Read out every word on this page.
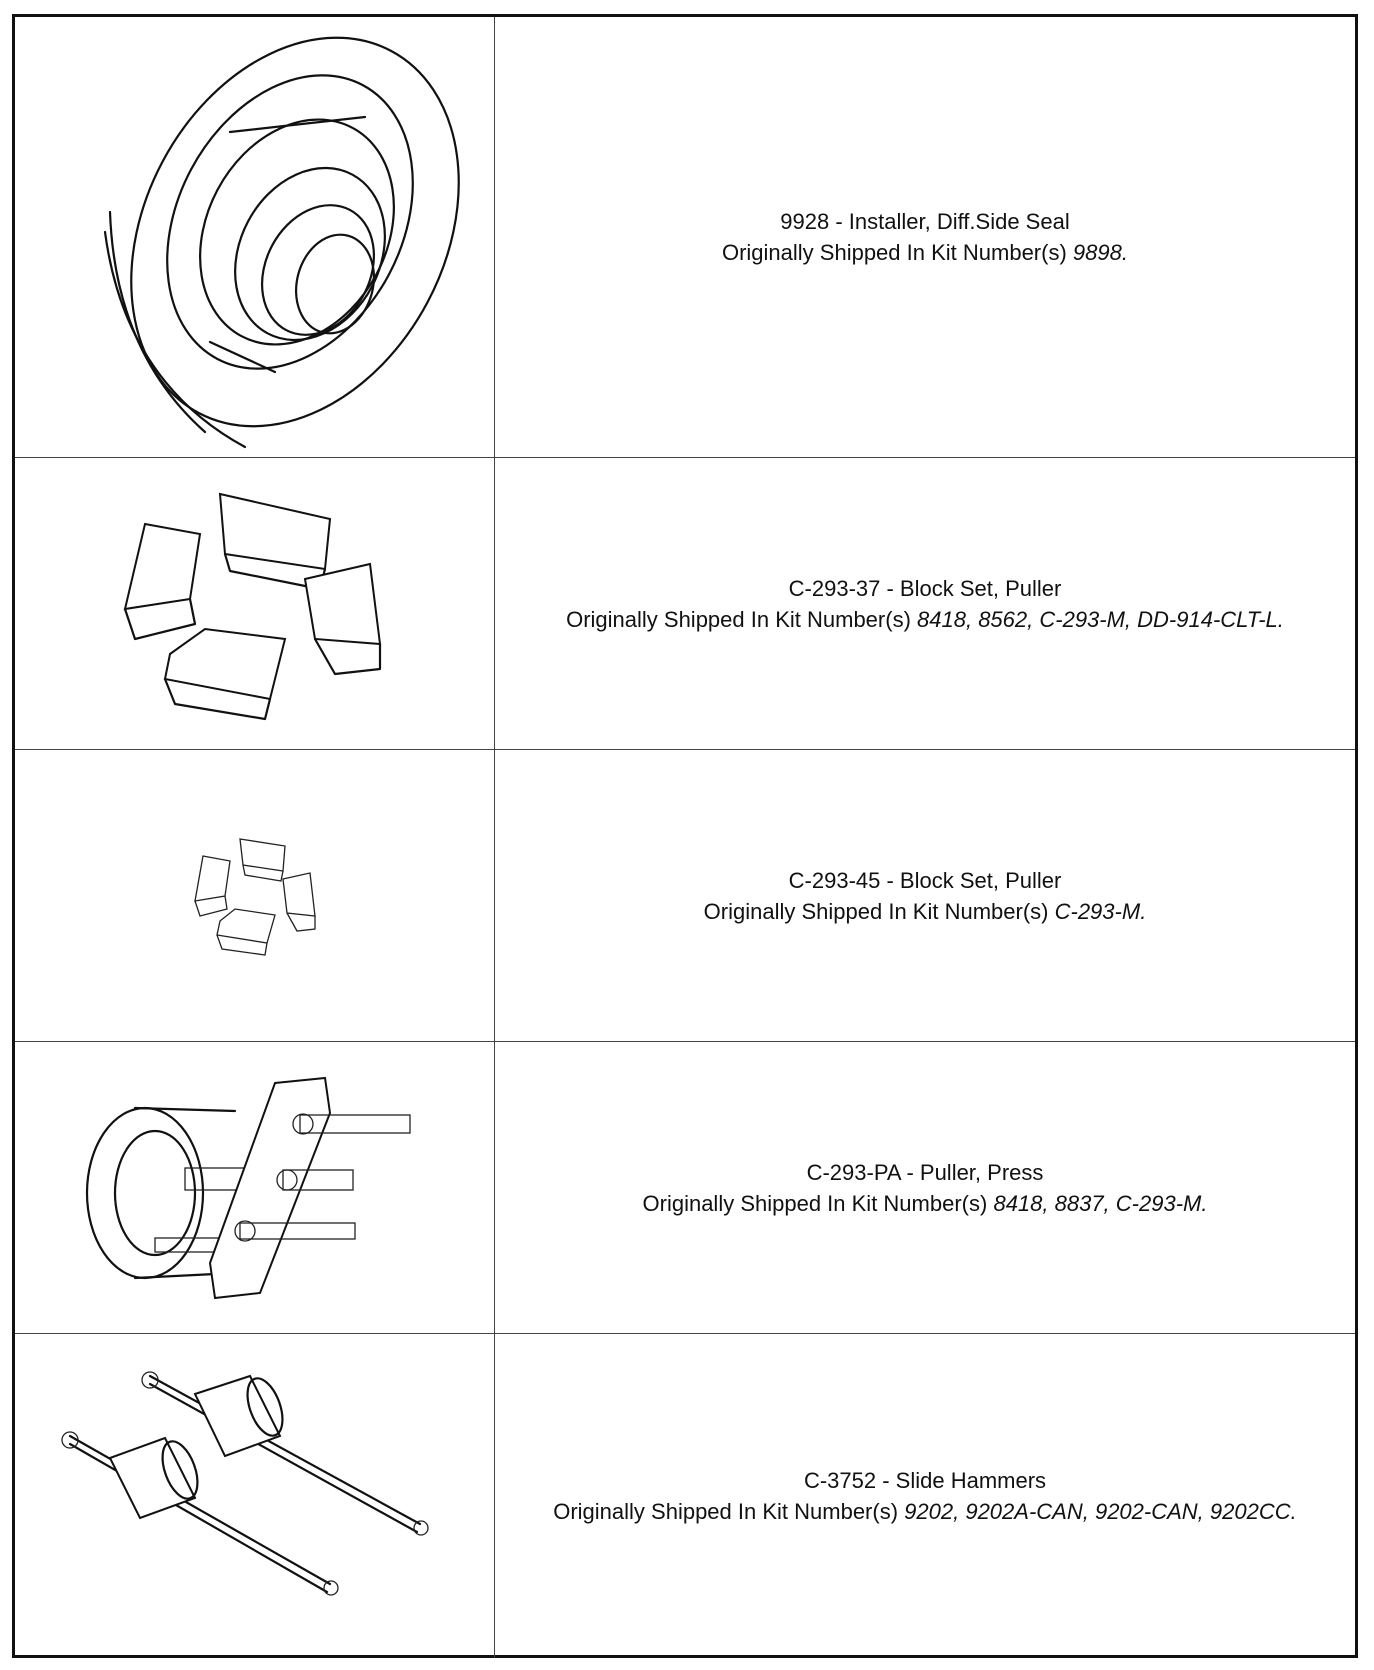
9928 - Installer, Diff.Side Seal
Originally Shipped In Kit Number(s) 9898.
C-293-37 - Block Set, Puller
Originally Shipped In Kit Number(s) 8418, 8562, C-293-M, DD-914-CLT-L.
C-293-45 - Block Set, Puller
Originally Shipped In Kit Number(s) C-293-M.
C-293-PA - Puller, Press
Originally Shipped In Kit Number(s) 8418, 8837, C-293-M.
C-3752 - Slide Hammers
Originally Shipped In Kit Number(s) 9202, 9202A-CAN, 9202-CAN, 9202CC.
